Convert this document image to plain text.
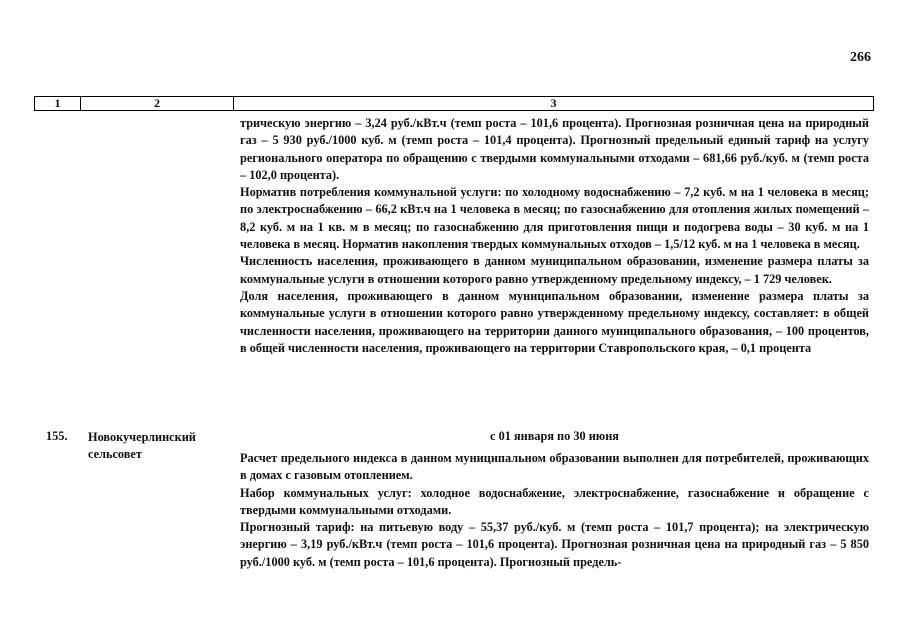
266
1	2	3

трическую энергию – 3,24 руб./кВт.ч (темп роста – 101,6 процента). Прогнозная розничная цена на природный газ – 5 930 руб./1000 куб. м (темп роста – 101,4 процента). Прогнозный предельный единый тариф на услугу регионального оператора по обращению с твердыми коммунальными отходами – 681,66 руб./куб. м (темп роста – 102,0 процента).

Норматив потребления коммунальной услуги: по холодному водоснабжению – 7,2 куб. м на 1 человека в месяц; по электроснабжению – 66,2 кВт.ч на 1 человека в месяц; по газоснабжению для отопления жилых помещений – 8,2 куб. м на 1 кв. м в месяц; по газоснабжению для приготовления пищи и подогрева воды – 30 куб. м на 1 человека в месяц. Норматив накопления твердых коммунальных отходов – 1,5/12 куб. м на 1 человека в месяц.

Численность населения, проживающего в данном муниципальном образовании, изменение размера платы за коммунальные услуги в отношении которого равно утвержденному предельному индексу, – 1 729 человек.

Доля населения, проживающего в данном муниципальном образовании, изменение размера платы за коммунальные услуги в отношении которого равно утвержденному предельному индексу, составляет: в общей численности населения, проживающего на территории данного муниципального образования, – 100 процентов, в общей численности населения, проживающего на территории Ставропольского края, – 0,1 процента

155. Новокучерлинский сельсовет
с 01 января по 30 июня

Расчет предельного индекса в данном муниципальном образовании выполнен для потребителей, проживающих в домах с газовым отоплением.

Набор коммунальных услуг: холодное водоснабжение, электроснабжение, газоснабжение и обращение с твердыми коммунальными отходами.

Прогнозный тариф: на питьевую воду – 55,37 руб./куб. м (темп роста – 101,7 процента); на электрическую энергию – 3,19 руб./кВт.ч (темп роста – 101,6 процента). Прогнозная розничная цена на природный газ – 5 850 руб./1000 куб. м (темп роста – 101,6 процента). Прогнозный предель-
